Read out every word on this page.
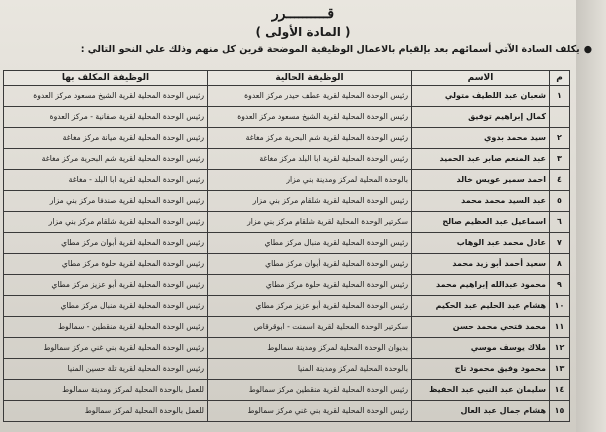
قــــــــــرر
( المادة الأولى )
●يكلف السادة الآتي أسمائهم بعد بإلقيام بالاعمال الوظيفية الموضحة قرين كل منهم وذلك علي النحو التالي :
م	الاسم	الوظيفة الحالية	الوظيفة المكلف بها
١	شعبان عبد اللطيف متولي	رئيس الوحدة المحلية لقرية عطف حيدر مركز العدوة	رئيس الوحدة المحلية لقرية الشيخ مسعود مركز العدوة
	كمال إبراهيم توفيق	رئيس الوحدة المحلية لقرية الشيخ مسعود مركز العدوة	رئيس الوحدة المحلية لقرية صفانية - مركز العدوة
٢	سيد محمد بدوي	رئيس الوحدة المحلية لقرية شم البحرية مركز مغاغة	رئيس الوحدة المحلية لقرية ميانة مركز مغاغة
٣	عبد المنعم صابر عبد الحميد	رئيس الوحدة المحلية لقرية ابا البلد مركز مغاغة	رئيس الوحدة المحلية لقرية شم البحرية مركز مغاغة
٤	احمد سمير عويس خالد	بالوحدة المحلية لمركز ومدينة بني مزار	رئيس الوحدة المحلية لقرية ابا البلد - مغاغة
٥	عبد السيد محمد محمد	رئيس الوحدة المحلية لقرية شلقام مركز بني مزار	رئيس الوحدة المحلية لقرية صندفا مركز بني مزار
٦	اسماعيل عبد العظيم صالح	سكرتير الوحدة المحلية لقرية شلقام مركز بني مزار	رئيس الوحدة المحلية لقرية شلقام مركز بني مزار
٧	عادل محمد عبد الوهاب	رئيس الوحدة المحلية لقرية منبال مركز مطاي	رئيس الوحدة المحلية لقرية أبوان مركز مطاي
٨	سعيد أحمد أبو زيد محمد	رئيس الوحدة المحلية لقرية أبوان مركز مطاي	رئيس الوحدة المحلية لقرية حلوة مركز مطاي
٩	محمود عبدالله إبراهيم محمد	رئيس الوحدة المحلية لقرية حلوة مركز مطاي	رئيس الوحدة المحلية لقرية أبو عزيز مركز مطاي
١٠	هشام عبد الحليم عبد الحكيم	رئيس الوحدة المحلية لقرية أبو عزيز مركز مطاي	رئيس الوحدة المحلية لقرية منبال مركز مطاي
١١	محمد فتحي محمد حسن	سكرتير الوحدة المحلية لقرية اسمنت - ابوقرقاص	رئيس الوحدة المحلية لقرية منقطين - سمالوط
١٢	ملاك يوسف موسي	بديوان الوحدة المحلية لمركز ومدينة سمالوط	رئيس الوحدة المحلية لقرية بني غني مركز سمالوط
١٣	محمود وفيق محمود تاج	بالوحدة المحلية لمركز ومدينة المنيا	رئيس الوحدة المحلية لقرية تلة حسين المنيا
١٤	سليمان عبد النبي عبد الحفيظ	رئيس الوحدة المحلية لقرية منقطين مركز سمالوط	للعمل بالوحدة المحلية لمركز ومدينة سمالوط
١٥	هشام جمال عبد العال	رئيس الوحدة المحلية لقرية بني غني مركز سمالوط	للعمل بالوحدة المحلية لمركز سمالوط
